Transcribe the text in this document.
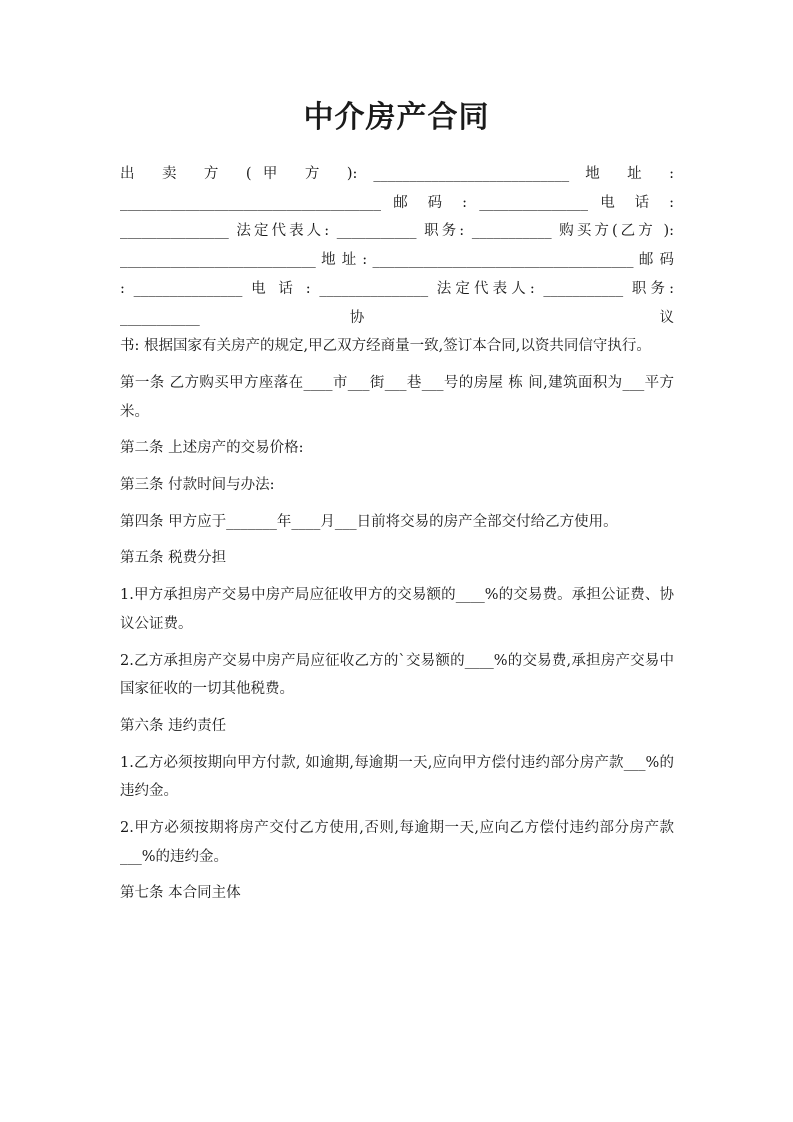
中介房产合同

出 卖 方 (甲 方 ): ___________________________ 地 址 : ____________________________________ 邮 码 : _______________ 电 话 : _______________ 法定代表人: ___________ 职务: ___________ 购买方(乙方 ): ___________________________ 地 址 : ____________________________________ 邮 码 : _______________ 电 话 : _______________ 法定代表人: ___________ 职务: ___________ 协 议

书: 根据国家有关房产的规定,甲乙双方经商量一致,签订本合同,以资共同信守执行。

第一条 乙方购买甲方座落在____市___街___巷___号的房屋 栋 间,建筑面积为___平方米。

第二条 上述房产的交易价格:

第三条 付款时间与办法:

第四条 甲方应于_______年____月___日前将交易的房产全部交付给乙方使用。

第五条 税费分担

1.甲方承担房产交易中房产局应征收甲方的交易额的____%的交易费。承担公证费、协议公证费。

2.乙方承担房产交易中房产局应征收乙方的`交易额的____%的交易费,承担房产交易中国家征收的一切其他税费。

第六条 违约责任

1.乙方必须按期向甲方付款, 如逾期,每逾期一天,应向甲方偿付违约部分房产款___%的违约金。

2.甲方必须按期将房产交付乙方使用,否则,每逾期一天,应向乙方偿付违约部分房产款___%的违约金。

第七条 本合同主体
